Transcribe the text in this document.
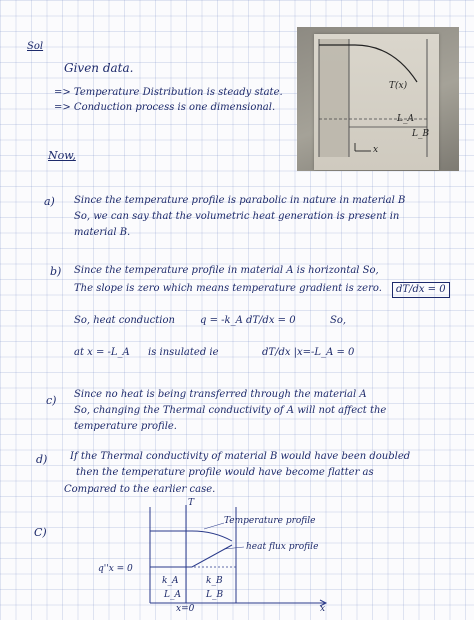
Sol
Given data.
=> Temperature Distribution is steady state.
=> Conduction process is one dimensional.
T(x)
L_A
L_B
x
Now,
a) Since the temperature profile is parabolic in nature in material B
So, we can say that the volumetric heat generation is present in
material B.
b) Since the temperature profile in material A is horizontal So,
The slope is zero which means temperature gradient is zero.	dT/dx = 0
So, heat conduction	q = -k_A dT/dx = 0	So,
at x = -L_A is insulated ie	dT/dx |x=-L_A = 0
c) Since no heat is being transferred through the material A
So, changing the Thermal conductivity of A will not affect the
temperature profile.
d) If the Thermal conductivity of material B would have been doubled
then the temperature profile would have become flatter as
Compared to the earlier case.
C)
T
x
q''x = 0
k_A	k_B
L_A	L_B
x=0
Temperature profile
heat flux profile
